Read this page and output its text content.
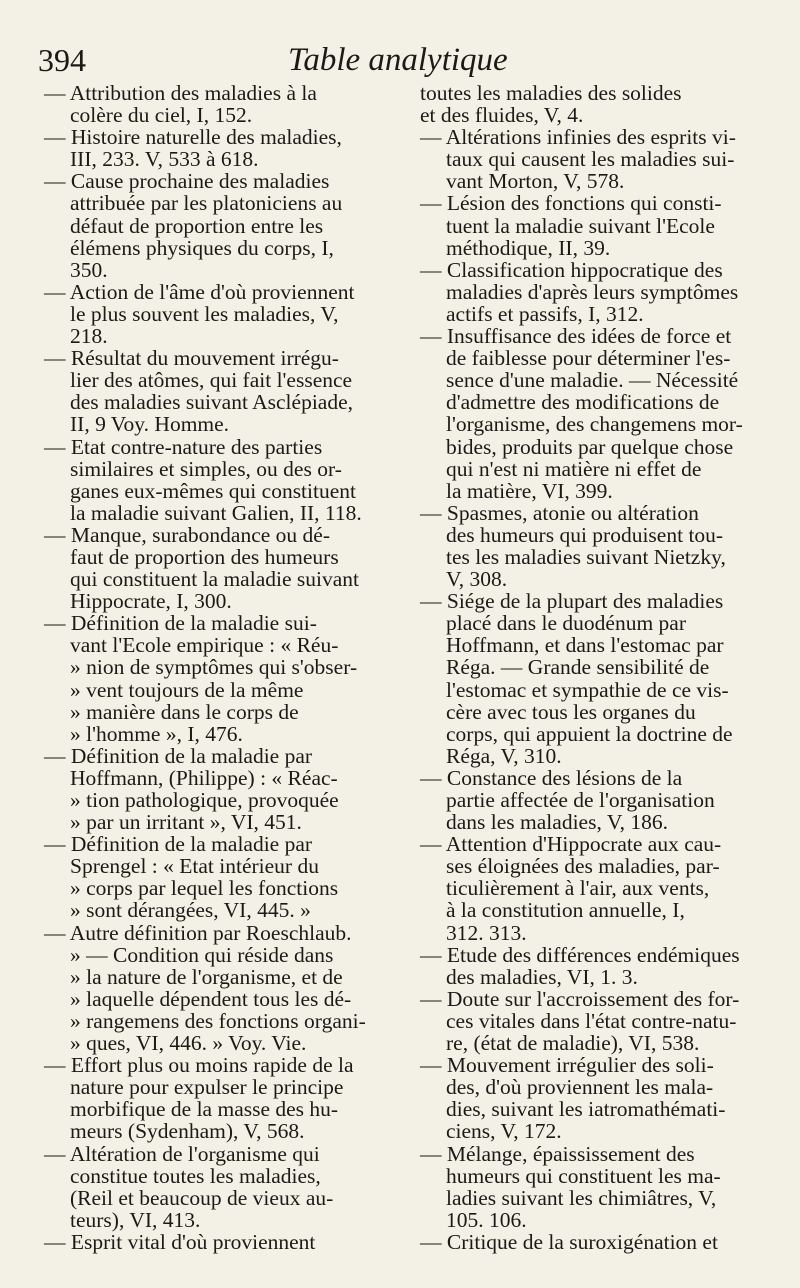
394	Table analytique

— Attribution des maladies à la
colère du ciel, I, 152.

— Histoire naturelle des maladies,
III, 233. V, 533 à 618.

— Cause prochaine des maladies
attribuée par les platoniciens au
défaut de proportion entre les
élémens physiques du corps, I,
350.

— Action de l'âme d'où proviennent
le plus souvent les maladies, V,
218.

— Résultat du mouvement irrégu-
lier des atômes, qui fait l'essence
des maladies suivant Asclépiade,
II, 9 Voy. Homme.

— Etat contre-nature des parties
similaires et simples, ou des or-
ganes eux-mêmes qui constituent
la maladie suivant Galien, II, 118.

— Manque, surabondance ou dé-
faut de proportion des humeurs
qui constituent la maladie suivant
Hippocrate, I, 300.

— Définition de la maladie sui-
vant l'Ecole empirique : « Réu-
» nion de symptômes qui s'obser-
» vent toujours de la même
» manière dans le corps de
» l'homme », I, 476.

— Définition de la maladie par
Hoffmann, (Philippe) : « Réac-
» tion pathologique, provoquée
» par un irritant », VI, 451.

— Définition de la maladie par
Sprengel : « Etat intérieur du
» corps par lequel les fonctions
» sont dérangées, VI, 445. »

— Autre définition par Roeschlaub.
» — Condition qui réside dans
» la nature de l'organisme, et de
» laquelle dépendent tous les dé-
» rangemens des fonctions organi-
» ques, VI, 446. » Voy. Vie.

— Effort plus ou moins rapide de la
nature pour expulser le principe
morbifique de la masse des hu-
meurs (Sydenham), V, 568.

— Altération de l'organisme qui
constitue toutes les maladies,
(Reil et beaucoup de vieux au-
teurs), VI, 413.

— Esprit vital d'où proviennent

toutes les maladies des solides
et des fluides, V, 4.

— Altérations infinies des esprits vi-
taux qui causent les maladies sui-
vant Morton, V, 578.

— Lésion des fonctions qui consti-
tuent la maladie suivant l'Ecole
méthodique, II, 39.

— Classification hippocratique des
maladies d'après leurs symptômes
actifs et passifs, I, 312.

— Insuffisance des idées de force et
de faiblesse pour déterminer l'es-
sence d'une maladie. — Nécessité
d'admettre des modifications de
l'organisme, des changemens mor-
bides, produits par quelque chose
qui n'est ni matière ni effet de
la matière, VI, 399.

— Spasmes, atonie ou altération
des humeurs qui produisent tou-
tes les maladies suivant Nietzky,
V, 308.

— Siége de la plupart des maladies
placé dans le duodénum par
Hoffmann, et dans l'estomac par
Réga. — Grande sensibilité de
l'estomac et sympathie de ce vis-
cère avec tous les organes du
corps, qui appuient la doctrine de
Réga, V, 310.

— Constance des lésions de la
partie affectée de l'organisation
dans les maladies, V, 186.

— Attention d'Hippocrate aux cau-
ses éloignées des maladies, par-
ticulièrement à l'air, aux vents,
à la constitution annuelle, I,
312. 313.

— Etude des différences endémiques
des maladies, VI, 1. 3.

— Doute sur l'accroissement des for-
ces vitales dans l'état contre-natu-
re, (état de maladie), VI, 538.

— Mouvement irrégulier des soli-
des, d'où proviennent les mala-
dies, suivant les iatromathémati-
ciens, V, 172.

— Mélange, épaississement des
humeurs qui constituent les ma-
ladies suivant les chimiâtres, V,
105. 106.

— Critique de la suroxigénation et
